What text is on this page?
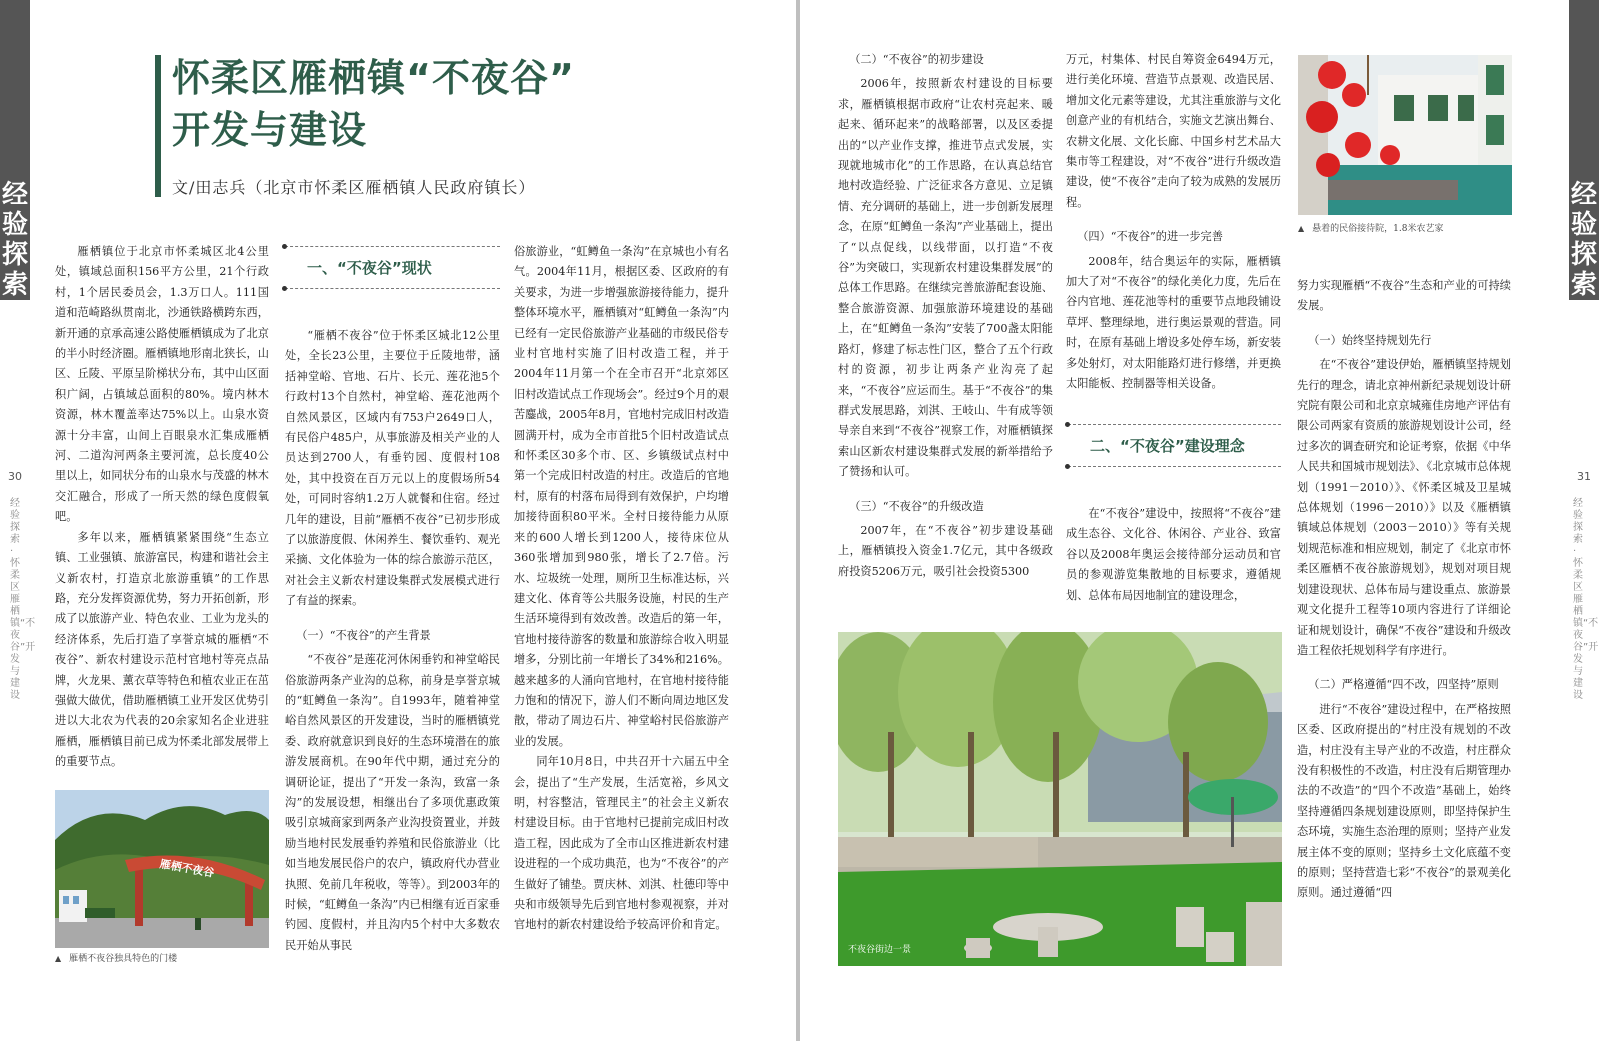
经验探索
30
经验探索 · 怀柔区雁栖镇“不夜谷”开发与建设
怀柔区雁栖镇“不夜谷”
开发与建设
文/田志兵（北京市怀柔区雁栖镇人民政府镇长）

雁栖镇位于北京市怀柔城区北4公里处，镇域总面积156平方公里，21个行政村，1个居民委员会，1.3万口人。111国道和范崎路纵贯南北，沙通铁路横跨东西，新开通的京承高速公路使雁栖镇成为了北京的半小时经济圈。雁栖镇地形南北狭长，山区、丘陵、平原呈阶梯状分布，其中山区面积广阔，占镇域总面积的80%。境内林木资源，林木覆盖率达75%以上。山泉水资源十分丰富，山间上百眼泉水汇集成雁栖河、二道沟河两条主要河流，总长度40公里以上，如同状分布的山泉水与茂盛的林木交汇融合，形成了一所天然的绿色度假氧吧。

多年以来，雁栖镇紧紧围绕“生态立镇、工业强镇、旅游富民，构建和谐社会主义新农村，打造京北旅游重镇”的工作思路，充分发挥资源优势，努力开拓创新，形成了以旅游产业、特色农业、工业为龙头的经济体系，先后打造了享誉京城的雁栖“不夜谷”、新农村建设示范村官地村等亮点品牌，火龙果、薰衣草等特色和植农业正在茁强做大做优，借助雁栖镇工业开发区优势引进以大北农为代表的20余家知名企业进驻雁栖，雁栖镇目前已成为怀柔北部发展带上的重要节点。

雁栖不夜谷
▲ 雁栖不夜谷独具特色的门楼
一、“不夜谷”现状

“雁栖不夜谷”位于怀柔区城北12公里处，全长23公里，主要位于丘陵地带，涵括神堂峪、官地、石片、长元、莲花池5个行政村13个自然村，神堂峪、莲花池两个自然风景区，区域内有753户2649口人，有民俗户485户，从事旅游及相关产业的人员达到2700人，有垂钓园、度假村108处，其中投资在百万元以上的度假场所54处，可同时容纳1.2万人就餐和住宿。经过几年的建设，目前“雁栖不夜谷”已初步形成了以旅游度假、休闲养生、餐饮垂钓、观光采摘、文化体验为一体的综合旅游示范区，对社会主义新农村建设集群式发展模式进行了有益的探索。

（一）“不夜谷”的产生背景

“不夜谷”是莲花河休闲垂钓和神堂峪民俗旅游两条产业沟的总称，前身是享誉京城的“虹鳟鱼一条沟”。自1993年，随着神堂峪自然风景区的开发建设，当时的雁栖镇党委、政府就意识到良好的生态环境潜在的旅游发展商机。在90年代中期，通过充分的调研论证，提出了“开发一条沟，致富一条沟”的发展设想，相继出台了多项优惠政策吸引京城商家到两条产业沟投资置业，并鼓励当地村民发展垂钓养殖和民俗旅游业（比如当地发展民俗户的农户，镇政府代办营业执照、免前几年税收，等等）。到2003年的时候，“虹鳟鱼一条沟”内已相继有近百家垂钓园、度假村，并且沟内5个村中大多数农民开始从事民

俗旅游业，“虹鳟鱼一条沟”在京城也小有名气。2004年11月，根据区委、区政府的有关要求，为进一步增强旅游接待能力，提升整体环境水平，雁栖镇对“虹鳟鱼一条沟”内已经有一定民俗旅游产业基础的市级民俗专业村官地村实施了旧村改造工程，并于2004年11月第一个在全市召开“北京郊区旧村改造试点工作现场会”。经过9个月的艰苦鏖战，2005年8月，官地村完成旧村改造圆满开村，成为全市首批5个旧村改造试点和怀柔区30多个市、区、乡镇级试点村中第一个完成旧村改造的村庄。改造后的官地村，原有的村落布局得到有效保护，户均增加接待面积80平米。全村日接待能力从原来的600人增长到1200人，接待床位从360张增加到980张，增长了2.7倍。污水、垃圾统一处理，厕所卫生标准达标，兴建文化、体育等公共服务设施，村民的生产生活环境得到有效改善。改造后的第一年，官地村接待游客的数量和旅游综合收入明显增多，分别比前一年增长了34%和216%。越来越多的人涌向官地村，在官地村接待能力饱和的情况下，游人们不断向周边地区发散，带动了周边石片、神堂峪村民俗旅游产业的发展。

同年10月8日，中共召开十六届五中全会，提出了“生产发展，生活宽裕，乡风文明，村容整洁，管理民主”的社会主义新农村建设目标。由于官地村已提前完成旧村改造工程，因此成为了全市山区推进新农村建设进程的一个成功典范，也为“不夜谷”的产生做好了铺垫。贾庆林、刘淇、杜德印等中央和市级领导先后到官地村参观视察，并对官地村的新农村建设给予较高评价和肯定。

经验探索
31
经验探索 · 怀柔区雁栖镇“不夜谷”开发与建设
（二）“不夜谷”的初步建设

2006年，按照新农村建设的目标要求，雁栖镇根据市政府“让农村亮起来、暖起来、循环起来”的战略部署，以及区委提出的“以产业作支撑，推进节点式发展，实现就地城市化”的工作思路，在认真总结官地村改造经验、广泛征求各方意见、立足镇情、充分调研的基础上，进一步创新发展理念，在原“虹鳟鱼一条沟”产业基础上，提出了“以点促线，以线带面，以打造“不夜谷”为突破口，实现新农村建设集群发展”的总体工作思路。在继续完善旅游配套设施、整合旅游资源、加强旅游环境建设的基础上，在“虹鳟鱼一条沟”安装了700盏太阳能路灯，修建了标志性门区，整合了五个行政村的资源，初步让两条产业沟亮了起来，“不夜谷”应运而生。基于“不夜谷”的集群式发展思路，刘淇、王岐山、牛有成等领导亲自来到“不夜谷”视察工作，对雁栖镇探索山区新农村建设集群式发展的新举措给予了赞扬和认可。

（三）“不夜谷”的升级改造

2007年，在“不夜谷”初步建设基础上，雁栖镇投入资金1.7亿元，其中各级政府投资5206万元，吸引社会投资5300

万元，村集体、村民自筹资金6494万元，进行美化环境、营造节点景观、改造民居、增加文化元素等建设，尤其注重旅游与文化创意产业的有机结合，实施文艺演出舞台、农耕文化展、文化长廊、中国乡村艺术品大集市等工程建设，对“不夜谷”进行升级改造建设，使“不夜谷”走向了较为成熟的发展历程。

（四）“不夜谷”的进一步完善

2008年，结合奥运年的实际，雁栖镇加大了对“不夜谷”的绿化美化力度，先后在谷内官地、莲花池等村的重要节点地段铺设草坪、整理绿地，进行奥运景观的营造。同时，在原有基础上增设多处停车场，新安装多处射灯，对太阳能路灯进行修缮，并更换太阳能板、控制器等相关设备。

二、“不夜谷”建设理念

在“不夜谷”建设中，按照将“不夜谷”建成生态谷、文化谷、休闲谷、产业谷、致富谷以及2008年奥运会接待部分运动员和官员的参观游览集散地的目标要求，遵循规划、总体布局因地制宜的建设理念，

▲ 悬着的民俗接待院，1.8米农艺家

努力实现雁栖“不夜谷”生态和产业的可持续发展。

（一）始终坚持规划先行

在“不夜谷”建设伊始，雁栖镇坚持规划先行的理念，请北京神州新纪录规划设计研究院有限公司和北京京城雍佳房地产评估有限公司两家有资质的旅游规划设计公司，经过多次的调查研究和论证考察，依据《中华人民共和国城市规划法》、《北京城市总体规划（1991－2010）》、《怀柔区城及卫星城总体规划（1996－2010）》以及《雁栖镇镇域总体规划（2003－2010）》等有关规划规范标准和相应规划，制定了《北京市怀柔区雁栖不夜谷旅游规划》，规划对项目规划建设现状、总体布局与建设重点、旅游景观文化提升工程等10项内容进行了详细论证和规划设计，确保“不夜谷”建设和升级改造工程依托规划科学有序进行。

（二）严格遵循“四不改，四坚持”原则

进行“不夜谷”建设过程中，在严格按照区委、区政府提出的“村庄没有规划的不改造，村庄没有主导产业的不改造，村庄群众没有积极性的不改造，村庄没有后期管理办法的不改造”的“四个不改造”基础上，始终坚持遵循四条规划建设原则，即坚持保护生态环境，实施生态治理的原则；坚持产业发展主体不变的原则；坚持乡土文化底蕴不变的原则；坚持营造七彩“不夜谷”的景观美化原则。通过遵循“四

不夜谷街边一景
